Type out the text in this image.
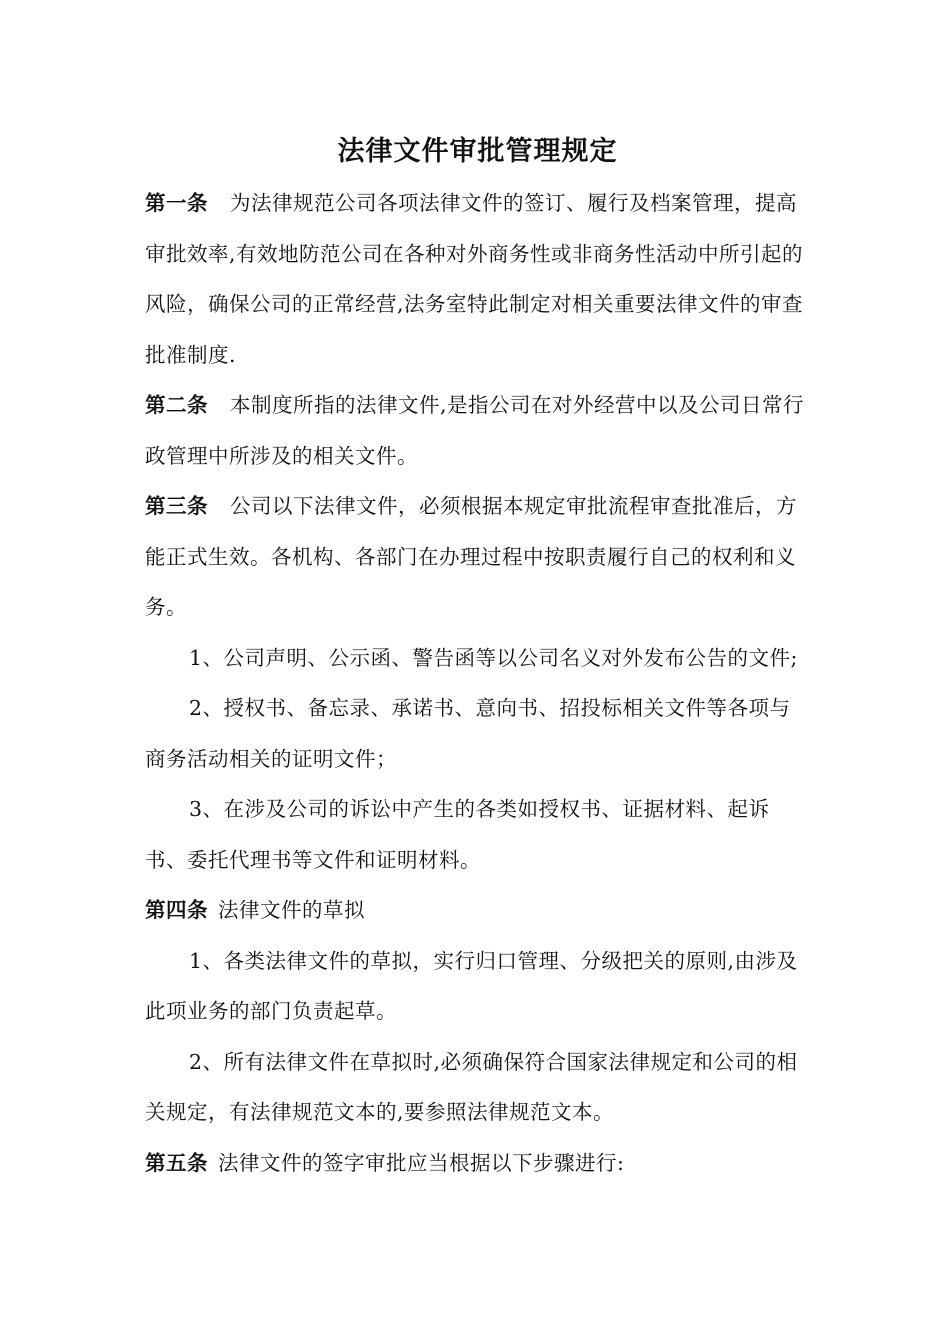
法律文件审批管理规定

第一条 为法律规范公司各项法律文件的签订、履行及档案管理，提高审批效率,有效地防范公司在各种对外商务性或非商务性活动中所引起的风险，确保公司的正常经营,法务室特此制定对相关重要法律文件的审查批准制度.

第二条 本制度所指的法律文件,是指公司在对外经营中以及公司日常行政管理中所涉及的相关文件。

第三条 公司以下法律文件，必须根据本规定审批流程审查批准后，方能正式生效。各机构、各部门在办理过程中按职责履行自己的权利和义务。

1、公司声明、公示函、警告函等以公司名义对外发布公告的文件;

2、授权书、备忘录、承诺书、意向书、招投标相关文件等各项与商务活动相关的证明文件；

3、在涉及公司的诉讼中产生的各类如授权书、证据材料、起诉书、委托代理书等文件和证明材料。

第四条 法律文件的草拟

1、各类法律文件的草拟，实行归口管理、分级把关的原则,由涉及此项业务的部门负责起草。

2、所有法律文件在草拟时,必须确保符合国家法律规定和公司的相关规定，有法律规范文本的,要参照法律规范文本。

第五条 法律文件的签字审批应当根据以下步骤进行:
